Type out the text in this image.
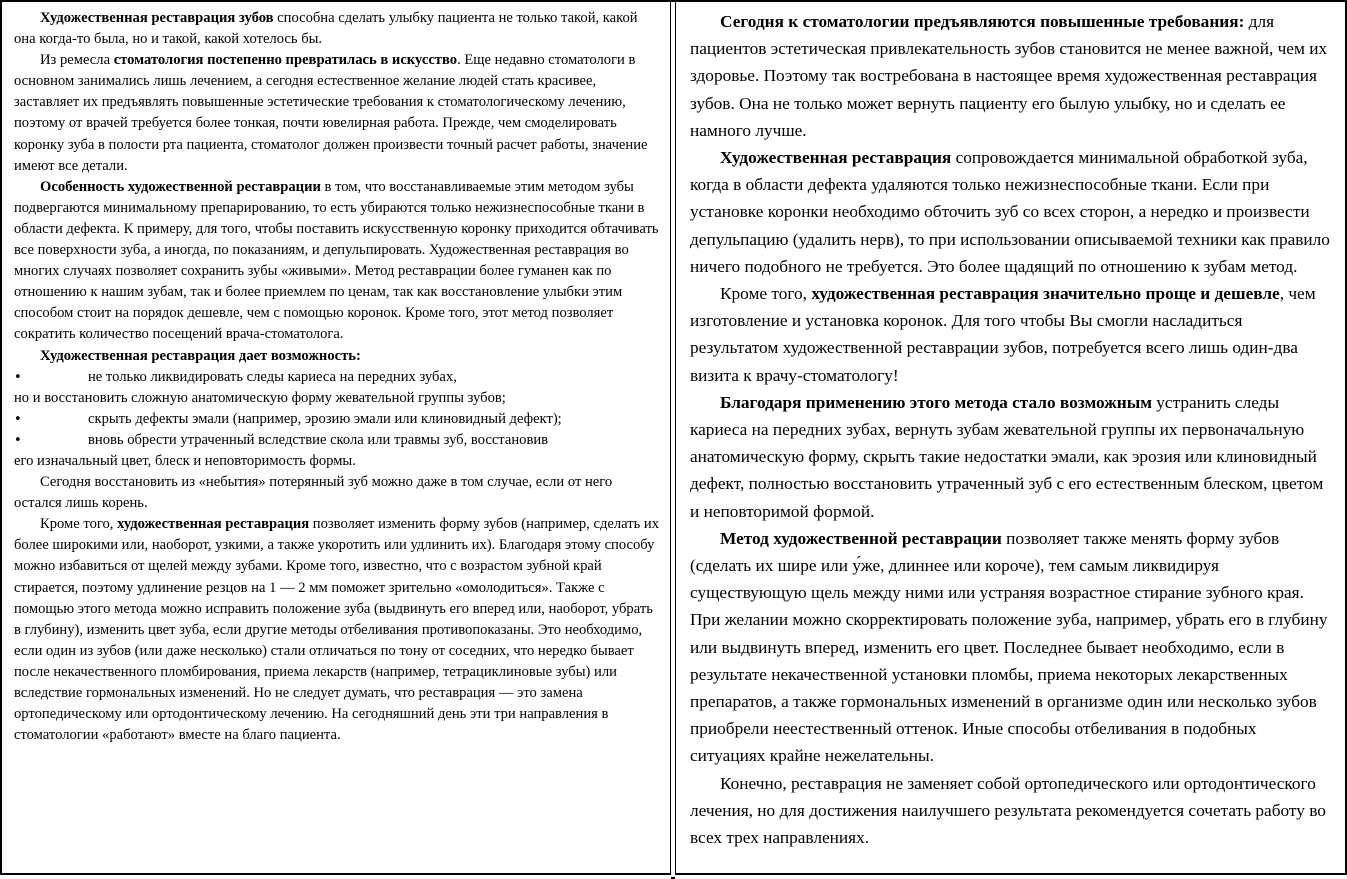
Художественная реставрация зубов способна сделать улыбку пациента не только такой, какой она когда-то была, но и такой, какой хотелось бы.

Из ремесла стоматология постепенно превратилась в искусство. Еще недавно стоматологи в основном занимались лишь лечением, а сегодня естественное желание людей стать красивее, заставляет их предъявлять повышенные эстетические требования к стоматологическому лечению, поэтому от врачей требуется более тонкая, почти ювелирная работа. Прежде, чем смоделировать коронку зуба в полости рта пациента, стоматолог должен произвести точный расчет работы, значение имеют все детали.

Особенность художественной реставрации в том, что восстанавливаемые этим методом зубы подвергаются минимальному препарированию, то есть убираются только нежизнеспособные ткани в области дефекта. К примеру, для того, чтобы поставить искусственную коронку приходится обтачивать все поверхности зуба, а иногда, по показаниям, и депульпировать. Художественная реставрация во многих случаях позволяет сохранить зубы «живыми». Метод реставрации более гуманен как по отношению к нашим зубам, так и более приемлем по ценам, так как восстановление улыбки этим способом стоит на порядок дешевле, чем с помощью коронок. Кроме того, этот метод позволяет сократить количество посещений врача-стоматолога.

Художественная реставрация дает возможность:

•	не только ликвидировать следы кариеса на передних зубах,
но и восстановить сложную анатомическую форму жевательной группы зубов;
•	скрыть дефекты эмали (например, эрозию эмали или клиновидный дефект);
•	вновь обрести утраченный вследствие скола или травмы зуб, восстановив
его изначальный цвет, блеск и неповторимость формы.

Сегодня восстановить из «небытия» потерянный зуб можно даже в том случае, если от него остался лишь корень.

Кроме того, художественная реставрация позволяет изменить форму зубов (например, сделать их более широкими или, наоборот, узкими, а также укоротить или удлинить их). Благодаря этому способу можно избавиться от щелей между зубами. Кроме того, известно, что с возрастом зубной край стирается, поэтому удлинение резцов на 1 — 2 мм поможет зрительно «омолодиться». Также с помощью этого метода можно исправить положение зуба (выдвинуть его вперед или, наоборот, убрать в глубину), изменить цвет зуба, если другие методы отбеливания противопоказаны. Это необходимо, если один из зубов (или даже несколько) стали отличаться по тону от соседних, что нередко бывает после некачественного пломбирования, приема лекарств (например, тетрациклиновые зубы) или вследствие гормональных изменений. Но не следует думать, что реставрация — это замена ортопедическому или ортодонтическому лечению. На сегодняшний день эти три направления в стоматологии «работают» вместе на благо пациента.

Сегодня к стоматологии предъявляются повышенные требования: для пациентов эстетическая привлекательность зубов становится не менее важной, чем их здоровье. Поэтому так востребована в настоящее время художественная реставрация зубов. Она не только может вернуть пациенту его былую улыбку, но и сделать ее намного лучше.

Художественная реставрация сопровождается минимальной обработкой зуба, когда в области дефекта удаляются только нежизнеспособные ткани. Если при установке коронки необходимо обточить зуб со всех сторон, а нередко и произвести депульпацию (удалить нерв), то при использовании описываемой техники как правило ничего подобного не требуется. Это более щадящий по отношению к зубам метод.

Кроме того, художественная реставрация значительно проще и дешевле, чем изготовление и установка коронок. Для того чтобы Вы смогли насладиться результатом художественной реставрации зубов, потребуется всего лишь один-два визита к врачу-стоматологу!

Благодаря применению этого метода стало возможным устранить следы кариеса на передних зубах, вернуть зубам жевательной группы их первоначальную анатомическую форму, скрыть такие недостатки эмали, как эрозия или клиновидный дефект, полностью восстановить утраченный зуб с его естественным блеском, цветом и неповторимой формой.

Метод художественной реставрации позволяет также менять форму зубов (сделать их шире или у́же, длиннее или короче), тем самым ликвидируя существующую щель между ними или устраняя возрастное стирание зубного края. При желании можно скорректировать положение зуба, например, убрать его в глубину или выдвинуть вперед, изменить его цвет. Последнее бывает необходимо, если в результате некачественной установки пломбы, приема некоторых лекарственных препаратов, а также гормональных изменений в организме один или несколько зубов приобрели неестественный оттенок. Иные способы отбеливания в подобных ситуациях крайне нежелательны.

Конечно, реставрация не заменяет собой ортопедического или ортодонтического лечения, но для достижения наилучшего результата рекомендуется сочетать работу во всех трех направлениях.
